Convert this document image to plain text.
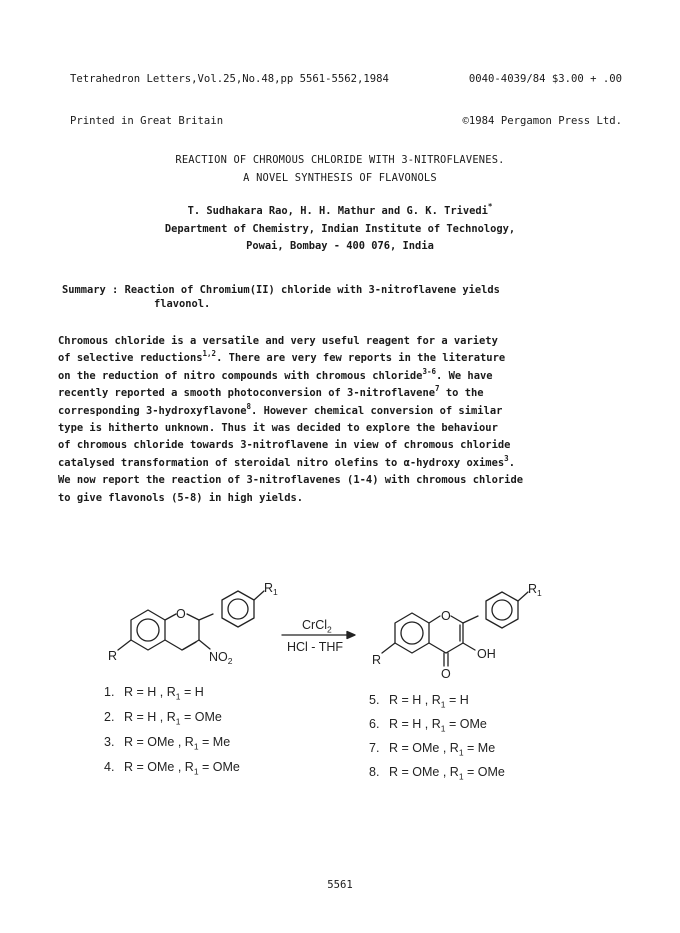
Tetrahedron Letters,Vol.25,No.48,pp 5561-5562,1984

Printed in Great Britain

0040-4039/84 $3.00 + .00

©1984 Pergamon Press Ltd.

REACTION OF CHROMOUS CHLORIDE WITH 3-NITROFLAVENES.
A NOVEL SYNTHESIS OF FLAVONOLS
T. Sudhakara Rao, H. H. Mathur and G. K. Trivedi*
Department of Chemistry, Indian Institute of Technology,
Powai, Bombay - 400 076, India
Summary : Reaction of Chromium(II) chloride with 3-nitroflavene yields
flavonol.
Chromous chloride is a versatile and very useful reagent for a variety
of selective reductions$^{1,2}$. There are very few reports in the literature
on the reduction of nitro compounds with chromous chloride$^{3-6}$. We have
recently reported a smooth photoconversion of 3-nitroflavene$^7$ to the
corresponding 3-hydroxyflavone$^8$. However chemical conversion of similar
type is hitherto unknown. Thus it was decided to explore the behaviour
of chromous chloride towards 3-nitroflavene in view of chromous chloride
catalysed transformation of steroidal nitro olefins to α-hydroxy oximes$^3$.
We now report the reaction of 3-nitroflavenes (1-4) with chromous chloride
to give flavonols (5-8) in high yields.
O
R
$R_1$
$NO_2$
O
R
$R_1$
OH
O
CrCl$_2$
HCl - THF
1. R = H , $R_1 = H$
2. R = H , $R_1$ = OMe
3. R = OMe , $R_1 = Me$
4. R = OMe , $R_1$ = OMe
5. R = H , $R_1 = H$
6. R = H , $R_1$ = OMe
7. R = OMe , $R_1 = Me$
8. R = OMe , $R_1$ = OMe
5561
